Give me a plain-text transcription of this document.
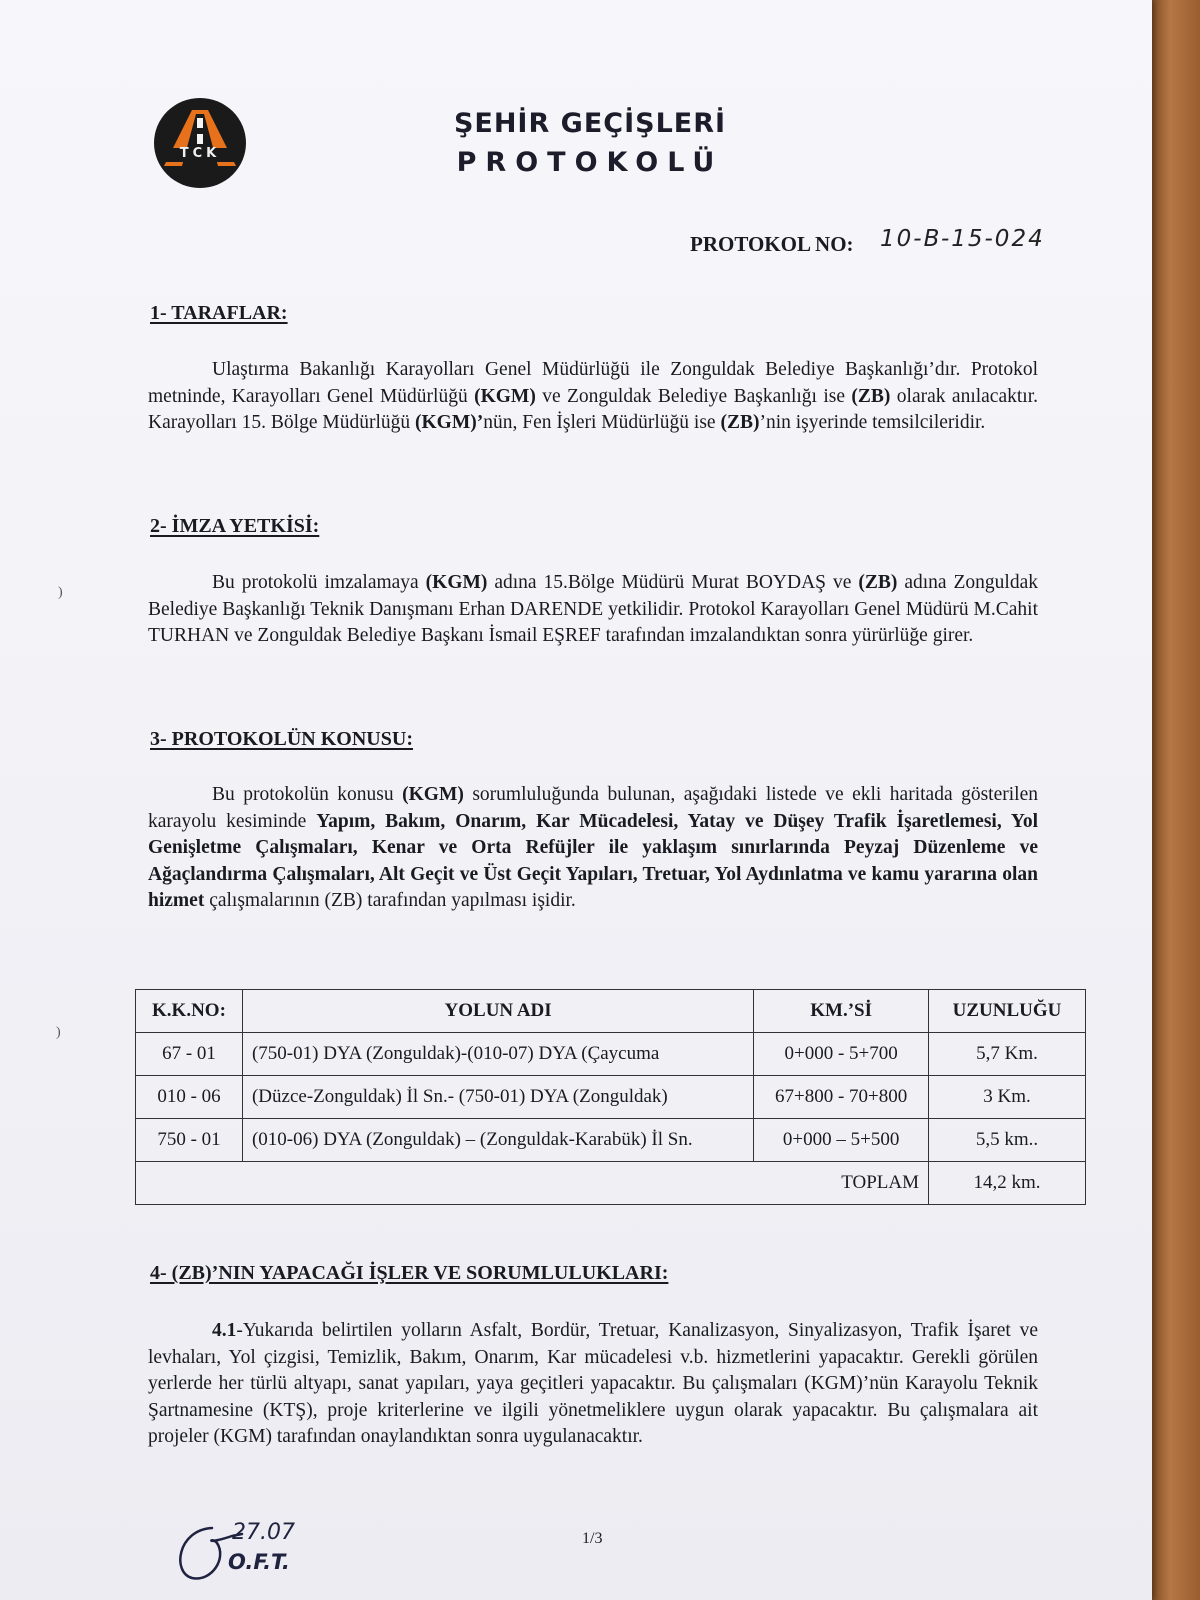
TCK
ŞEHİR GEÇİŞLERİ
PROTOKOLÜ
PROTOKOL NO: 10-B-15-024
1- TARAFLAR:
Ulaştırma Bakanlığı Karayolları Genel Müdürlüğü ile Zonguldak Belediye Başkanlığı’dır. Protokol metninde, Karayolları Genel Müdürlüğü (KGM) ve Zonguldak Belediye Başkanlığı ise (ZB) olarak anılacaktır. Karayolları 15. Bölge Müdürlüğü (KGM)’nün, Fen İşleri Müdürlüğü ise (ZB)’nin işyerinde temsilcileridir.
2- İMZA YETKİSİ:
Bu protokolü imzalamaya (KGM) adına 15.Bölge Müdürü Murat BOYDAŞ ve (ZB) adına Zonguldak Belediye Başkanlığı Teknik Danışmanı Erhan DARENDE yetkilidir. Protokol Karayolları Genel Müdürü M.Cahit TURHAN ve Zonguldak Belediye Başkanı İsmail EŞREF tarafından imzalandıktan sonra yürürlüğe girer.
3- PROTOKOLÜN KONUSU:
Bu protokolün konusu (KGM) sorumluluğunda bulunan, aşağıdaki listede ve ekli haritada gösterilen karayolu kesiminde Yapım, Bakım, Onarım, Kar Mücadelesi, Yatay ve Düşey Trafik İşaretlemesi, Yol Genişletme Çalışmaları, Kenar ve Orta Refüjler ile yaklaşım sınırlarında Peyzaj Düzenleme ve Ağaçlandırma Çalışmaları, Alt Geçit ve Üst Geçit Yapıları, Tretuar, Yol Aydınlatma ve kamu yararına olan hizmet çalışmalarının (ZB) tarafından yapılması işidir.
K.K.NO:	YOLUN ADI	KM.’Sİ	UZUNLUĞU
67 - 01	(750-01) DYA (Zonguldak)-(010-07) DYA (Çaycuma	0+000 - 5+700	5,7 Km.
010 - 06	(Düzce-Zonguldak) İl Sn.- (750-01) DYA (Zonguldak)	67+800 - 70+800	3 Km.
750 - 01	(010-06) DYA (Zonguldak) – (Zonguldak-Karabük) İl Sn.	0+000 – 5+500	5,5 km..
TOPLAM			14,2 km.
4- (ZB)’NIN YAPACAĞI İŞLER VE SORUMLULUKLARI:
4.1-Yukarıda belirtilen yolların Asfalt, Bordür, Tretuar, Kanalizasyon, Sinyalizasyon, Trafik İşaret ve levhaları, Yol çizgisi, Temizlik, Bakım, Onarım, Kar mücadelesi v.b. hizmetlerini yapacaktır. Gerekli görülen yerlerde her türlü altyapı, sanat yapıları, yaya geçitleri yapacaktır. Bu çalışmaları (KGM)’nün Karayolu Teknik Şartnamesine (KTŞ), proje kriterlerine ve ilgili yönetmeliklere uygun olarak yapacaktır. Bu çalışmalara ait projeler (KGM) tarafından onaylandıktan sonra uygulanacaktır.
27.07
O.F.T.
1/3
)
)
